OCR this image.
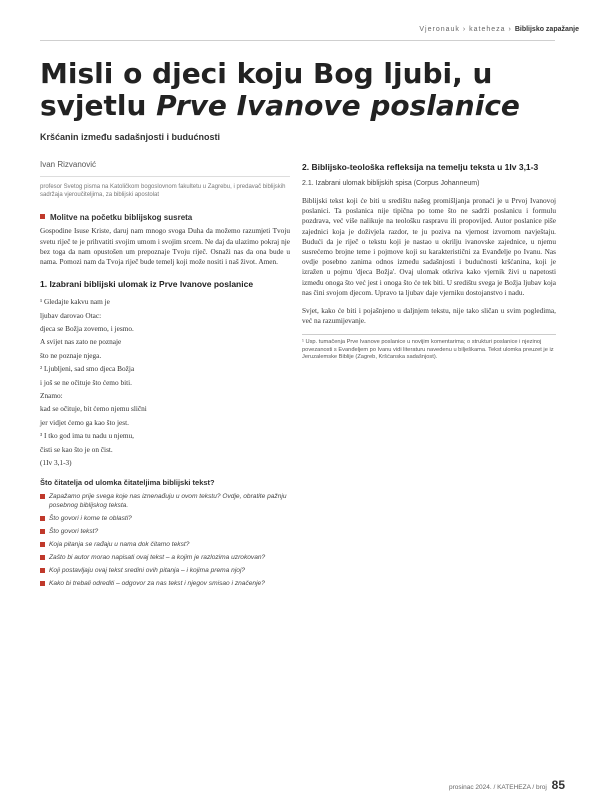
Vjeronauk › kateheza › Biblijsko zapažanje
Misli o djeci koju Bog ljubi, u svjetlu Prve Ivanove poslanice
Kršćanin između sadašnjosti i budućnosti
Ivan Rizvanović
profesor Svetog pisma na Katoličkom bogoslovnom fakultetu u Zagrebu, i predavač biblijskih sadržaja vjeroučiteljima, za biblijski apostolat
Molitve na početku biblijskog susreta
Gospodine Isuse Kriste, daruj nam mnogo svoga Duha da možemo razumjeti Tvoju svetu riječ te je prihvatiti svojim umom i svojim srcem. Ne daj da ulazimo pokraj nje bez toga da nam opustošen um prepoznaje Tvoju riječ. Osnaži nas da ona bude u nama. Pomozi nam da Tvoja riječ bude temelj koji može nositi i naš život. Amen.
1. Izabrani biblijski ulomak iz Prve Ivanove poslanice

¹ Gledajte kakvu nam je

ljubav darovao Otac:

djeca se Božja zovemo, i jesmo.

A svijet nas zato ne poznaje

što ne poznaje njega.

² Ljubljeni, sad smo djeca Božja

i još se ne očituje što ćemo biti.

Znamo:

kad se očituje, bit ćemo njemu slični

jer vidjet ćemo ga kao što jest.

³ I tko god ima tu nadu u njemu,

čisti se kao što je on čist.

(1Iv 3,1-3)

Što čitatelja od ulomka čitateljima biblijski tekst?
Zapažamo prije svega koje nas iznenađuju u ovom tekstu? Ovdje, obratite pažnju posebnog biblijskog teksta.
Što govori i kome te oblasti?
Što govori tekst?
Koja pitanja se rađaju u nama dok čitamo tekst?
Zašto bi autor morao napisati ovaj tekst – a kojim je razlozima uzrokovan?
Koji postavljaju ovaj tekst sredini ovih pitanja – i kojima prema njoj?
Kako bi trebali odrediti – odgovor za nas tekst i njegov smisao i značenje?
2. Biblijsko-teološka refleksija na temelju teksta u 1Iv 3,1-3
2.1. Izabrani ulomak biblijskih spisa (Corpus Johanneum)
Biblijski tekst koji će biti u središtu našeg promišljanja pronaći je u Prvoj Ivanovoj poslanici. Ta poslanica nije tipična po tome što ne sadrži poslanicu i formulu pozdrava, već više nalikuje na teološku raspravu ili propovijed. Autor poslanice piše zajednici koja je doživjela razdor, te ju poziva na vjernost izvornom navještaju. Budući da je riječ o tekstu koji je nastao u okrilju ivanovske zajednice, u njemu susrećemo brojne teme i pojmove koji su karakteristični za Evanđelje po Ivanu. Nas ovdje posebno zanima odnos između sadašnjosti i budućnosti kršćanina, koji je izražen u pojmu 'djeca Božja'. Ovaj ulomak otkriva kako vjernik živi u napetosti između onoga što već jest i onoga što će tek biti. U središtu svega je Božja ljubav koja nas čini svojom djecom. Upravo ta ljubav daje vjerniku dostojanstvo i nadu.
Svjet, kako će biti i pojašnjeno u daljnjem tekstu, nije tako sličan u svim pogledima, već na razumijevanje.
¹ Usp. tumačenja Prve Ivanove poslanice u novijim komentarima; o strukturi poslanice i njezinoj povezanosti s Evanđeljem po Ivanu vidi literaturu navedenu u bilješkama. Tekst ulomka preuzet je iz Jeruzalemske Biblije (Zagreb, Kršćanska sadašnjost).
prosinac 2024. / KATEHEZA / broj 85
